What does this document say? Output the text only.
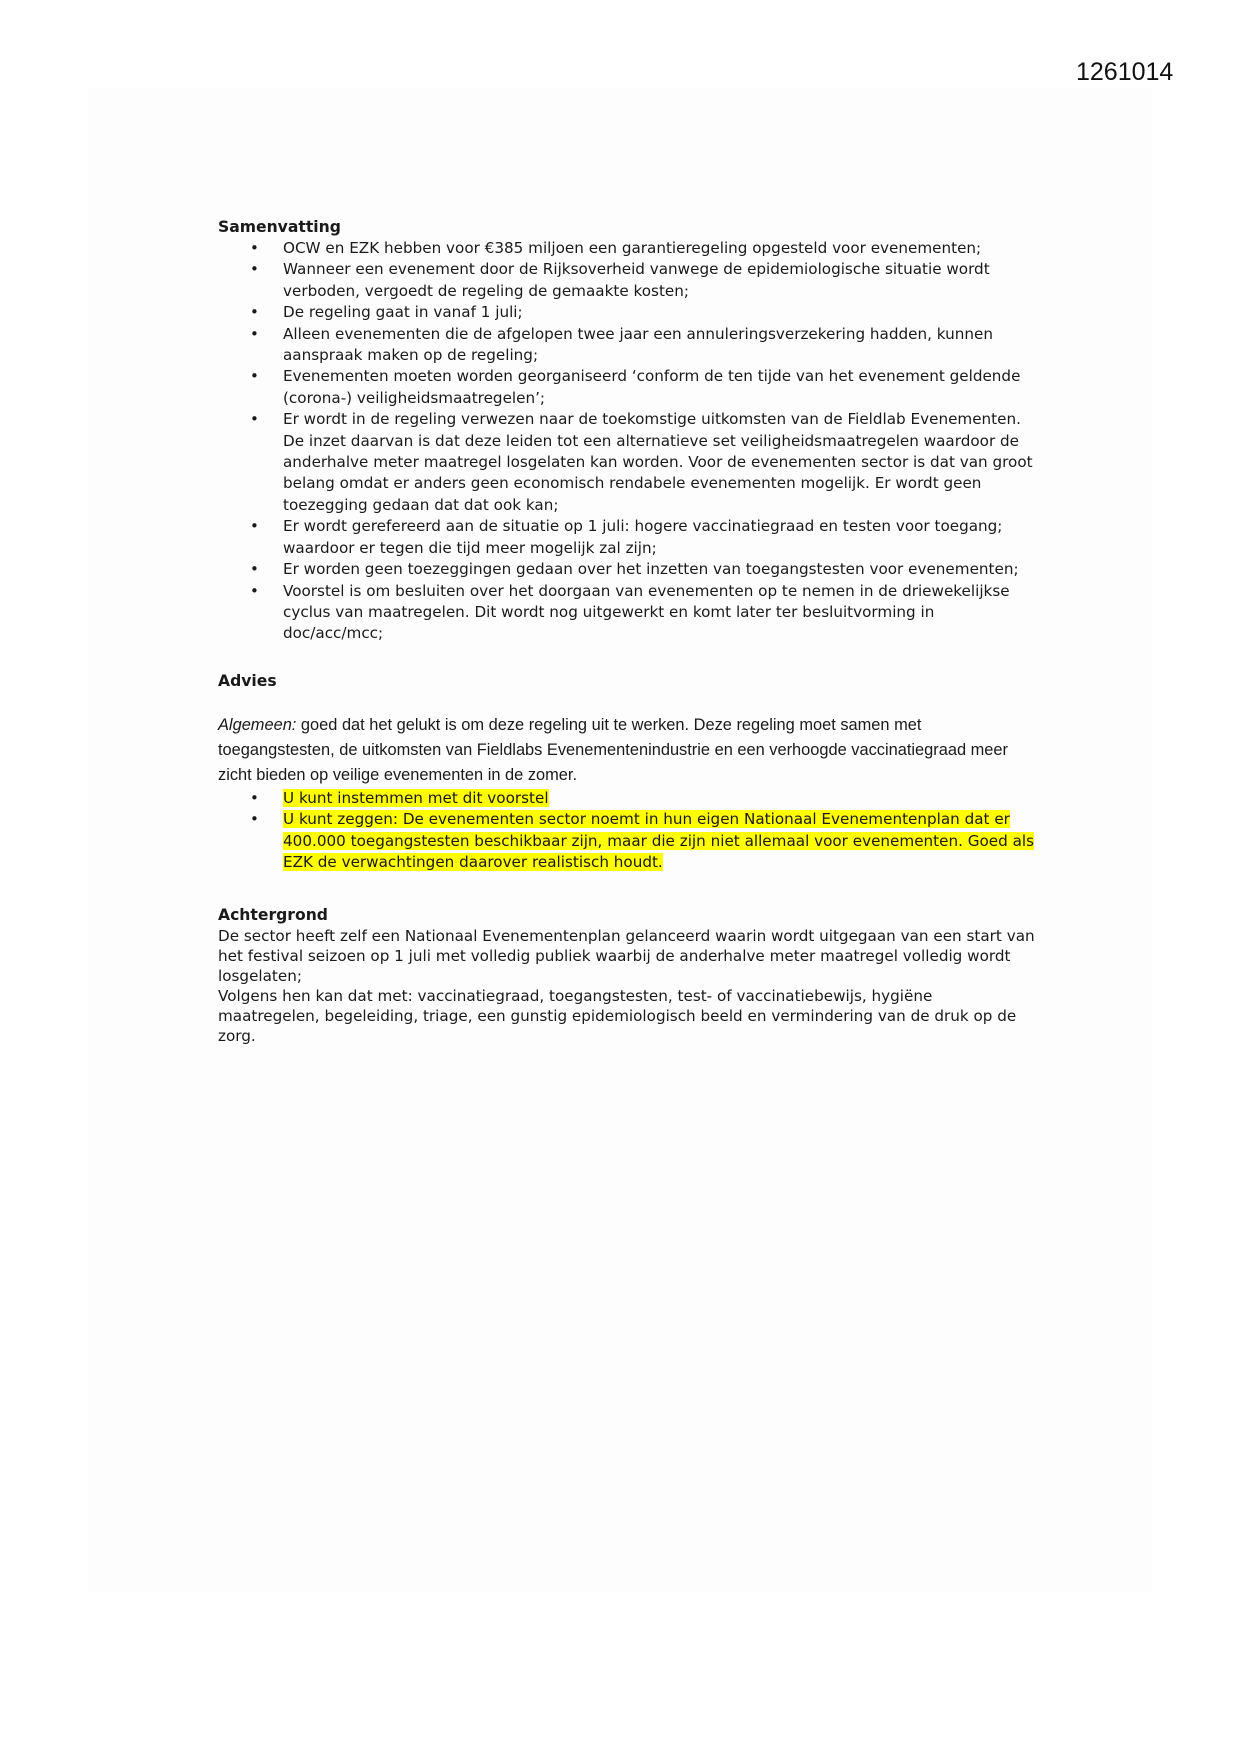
1261014
Samenvatting
• OCW en EZK hebben voor €385 miljoen een garantieregeling opgesteld voor evenementen;
• Wanneer een evenement door de Rijksoverheid vanwege de epidemiologische situatie wordt verboden, vergoedt de regeling de gemaakte kosten;
• De regeling gaat in vanaf 1 juli;
• Alleen evenementen die de afgelopen twee jaar een annuleringsverzekering hadden, kunnen aanspraak maken op de regeling;
• Evenementen moeten worden georganiseerd ‘conform de ten tijde van het evenement geldende (corona-) veiligheidsmaatregelen’;
• Er wordt in de regeling verwezen naar de toekomstige uitkomsten van de Fieldlab Evenementen. De inzet daarvan is dat deze leiden tot een alternatieve set veiligheidsmaatregelen waardoor de anderhalve meter maatregel losgelaten kan worden. Voor de evenementen sector is dat van groot belang omdat er anders geen economisch rendabele evenementen mogelijk. Er wordt geen toezegging gedaan dat dat ook kan;
• Er wordt gerefereerd aan de situatie op 1 juli: hogere vaccinatiegraad en testen voor toegang; waardoor er tegen die tijd meer mogelijk zal zijn;
• Er worden geen toezeggingen gedaan over het inzetten van toegangstesten voor evenementen;
• Voorstel is om besluiten over het doorgaan van evenementen op te nemen in de driewekelijkse cyclus van maatregelen. Dit wordt nog uitgewerkt en komt later ter besluitvorming in doc/acc/mcc;
Advies

Algemeen: goed dat het gelukt is om deze regeling uit te werken. Deze regeling moet samen met toegangstesten, de uitkomsten van Fieldlabs Evenementenindustrie en een verhoogde vaccinatiegraad meer zicht bieden op veilige evenementen in de zomer.

• U kunt instemmen met dit voorstel
• U kunt zeggen: De evenementen sector noemt in hun eigen Nationaal Evenementenplan dat er 400.000 toegangstesten beschikbaar zijn, maar die zijn niet allemaal voor evenementen. Goed als EZK de verwachtingen daarover realistisch houdt.
Achtergrond

De sector heeft zelf een Nationaal Evenementenplan gelanceerd waarin wordt uitgegaan van een start van het festival seizoen op 1 juli met volledig publiek waarbij de anderhalve meter maatregel volledig wordt losgelaten;

Volgens hen kan dat met: vaccinatiegraad, toegangstesten, test- of vaccinatiebewijs, hygiëne maatregelen, begeleiding, triage, een gunstig epidemiologisch beeld en vermindering van de druk op de zorg.
